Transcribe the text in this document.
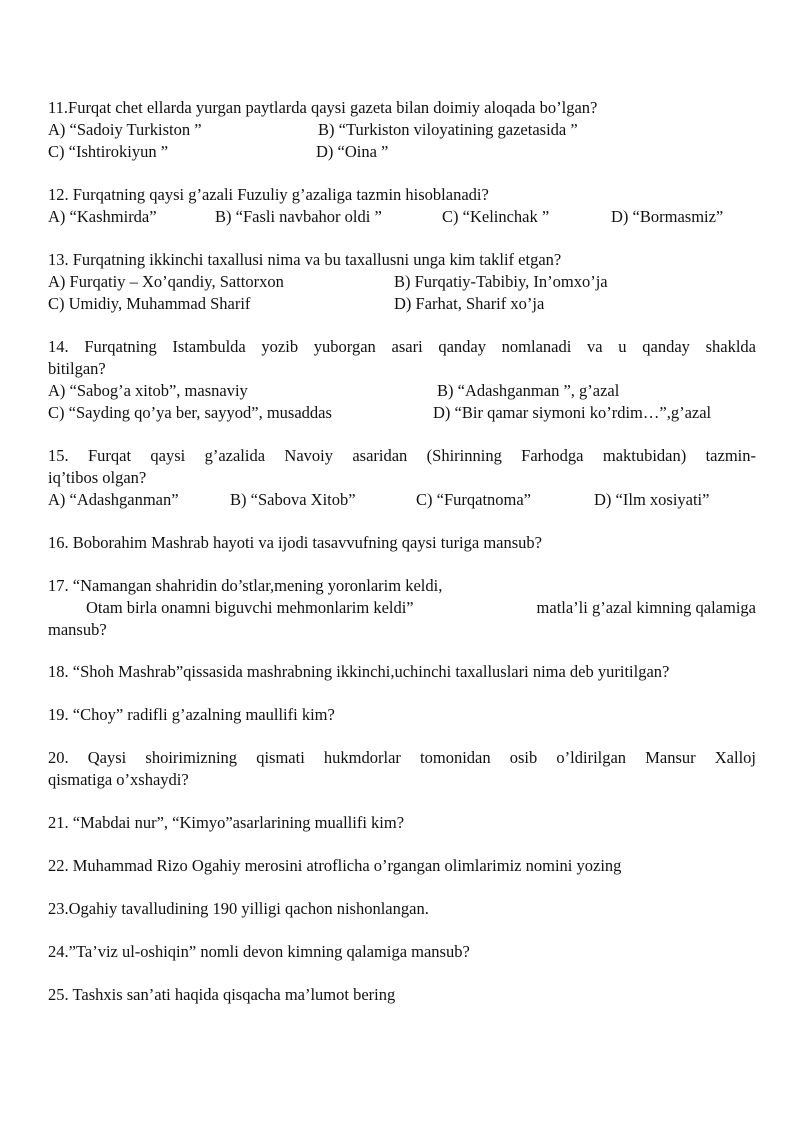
11.Furqat chet ellarda yurgan paytlarda qaysi gazeta bilan doimiy aloqada bo’lgan?
A) “Sadoiy Turkiston ”	B) “Turkiston viloyatining gazetasida ”
C) “Ishtirokiyun ”	D) “Oina ”
12. Furqatning qaysi g’azali Fuzuliy g’azaliga tazmin hisoblanadi?
A) “Kashmirda”	B) “Fasli navbahor oldi ”	C) “Kelinchak ”	D) “Bormasmiz”
13. Furqatning ikkinchi taxallusi nima va bu taxallusni unga kim taklif etgan?
A) Furqatiy – Xo’qandiy, Sattorxon	B) Furqatiy-Tabibiy, In’omxo’ja
C) Umidiy, Muhammad Sharif	D) Farhat, Sharif xo’ja
14. Furqatning Istambulda yozib yuborgan asari qanday nomlanadi va u qanday shaklda
bitilgan?
A) “Sabog’a xitob”, masnaviy	B) “Adashganman ”, g’azal
C) “Sayding qo’ya ber, sayyod”, musaddas	D) “Bir qamar siymoni ko’rdim…”,g’azal
15. Furqat qaysi g’azalida Navoiy asaridan (Shirinning Farhodga maktubidan) tazmin-
iq’tibos olgan?
A) “Adashganman”	B) “Sabova Xitob”	C) “Furqatnoma”	D) “Ilm xosiyati”
16. Boborahim Mashrab hayoti va ijodi tasavvufning qaysi turiga mansub?
17. “Namangan shahridin do’stlar,mening yoronlarim keldi,
Otam birla onamni biguvchi mehmonlarim keldi”	matla’li g’azal kimning qalamiga
mansub?
18. “Shoh Mashrab”qissasida mashrabning ikkinchi,uchinchi taxalluslari nima deb yuritilgan?
19. “Choy” radifli g’azalning maullifi kim?
20. Qaysi shoirimizning qismati hukmdorlar tomonidan osib o’ldirilgan Mansur Xalloj
qismatiga o’xshaydi?
21. “Mabdai nur”, “Kimyo”asarlarining muallifi kim?
22. Muhammad Rizo Ogahiy merosini atroflicha o’rgangan olimlarimiz nomini yozing
23.Ogahiy tavalludining 190 yilligi qachon nishonlangan.
24.”Ta’viz ul-oshiqin” nomli devon kimning qalamiga mansub?
25. Tashxis san’ati haqida qisqacha ma’lumot bering
